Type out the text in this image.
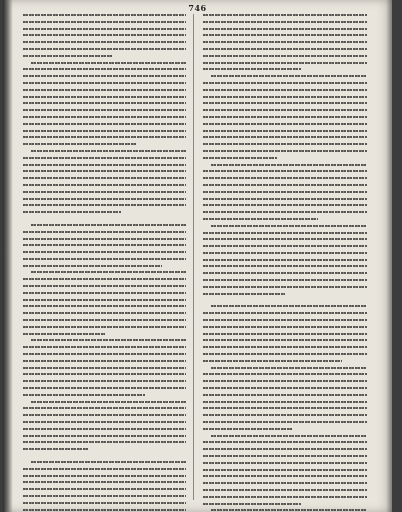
746
